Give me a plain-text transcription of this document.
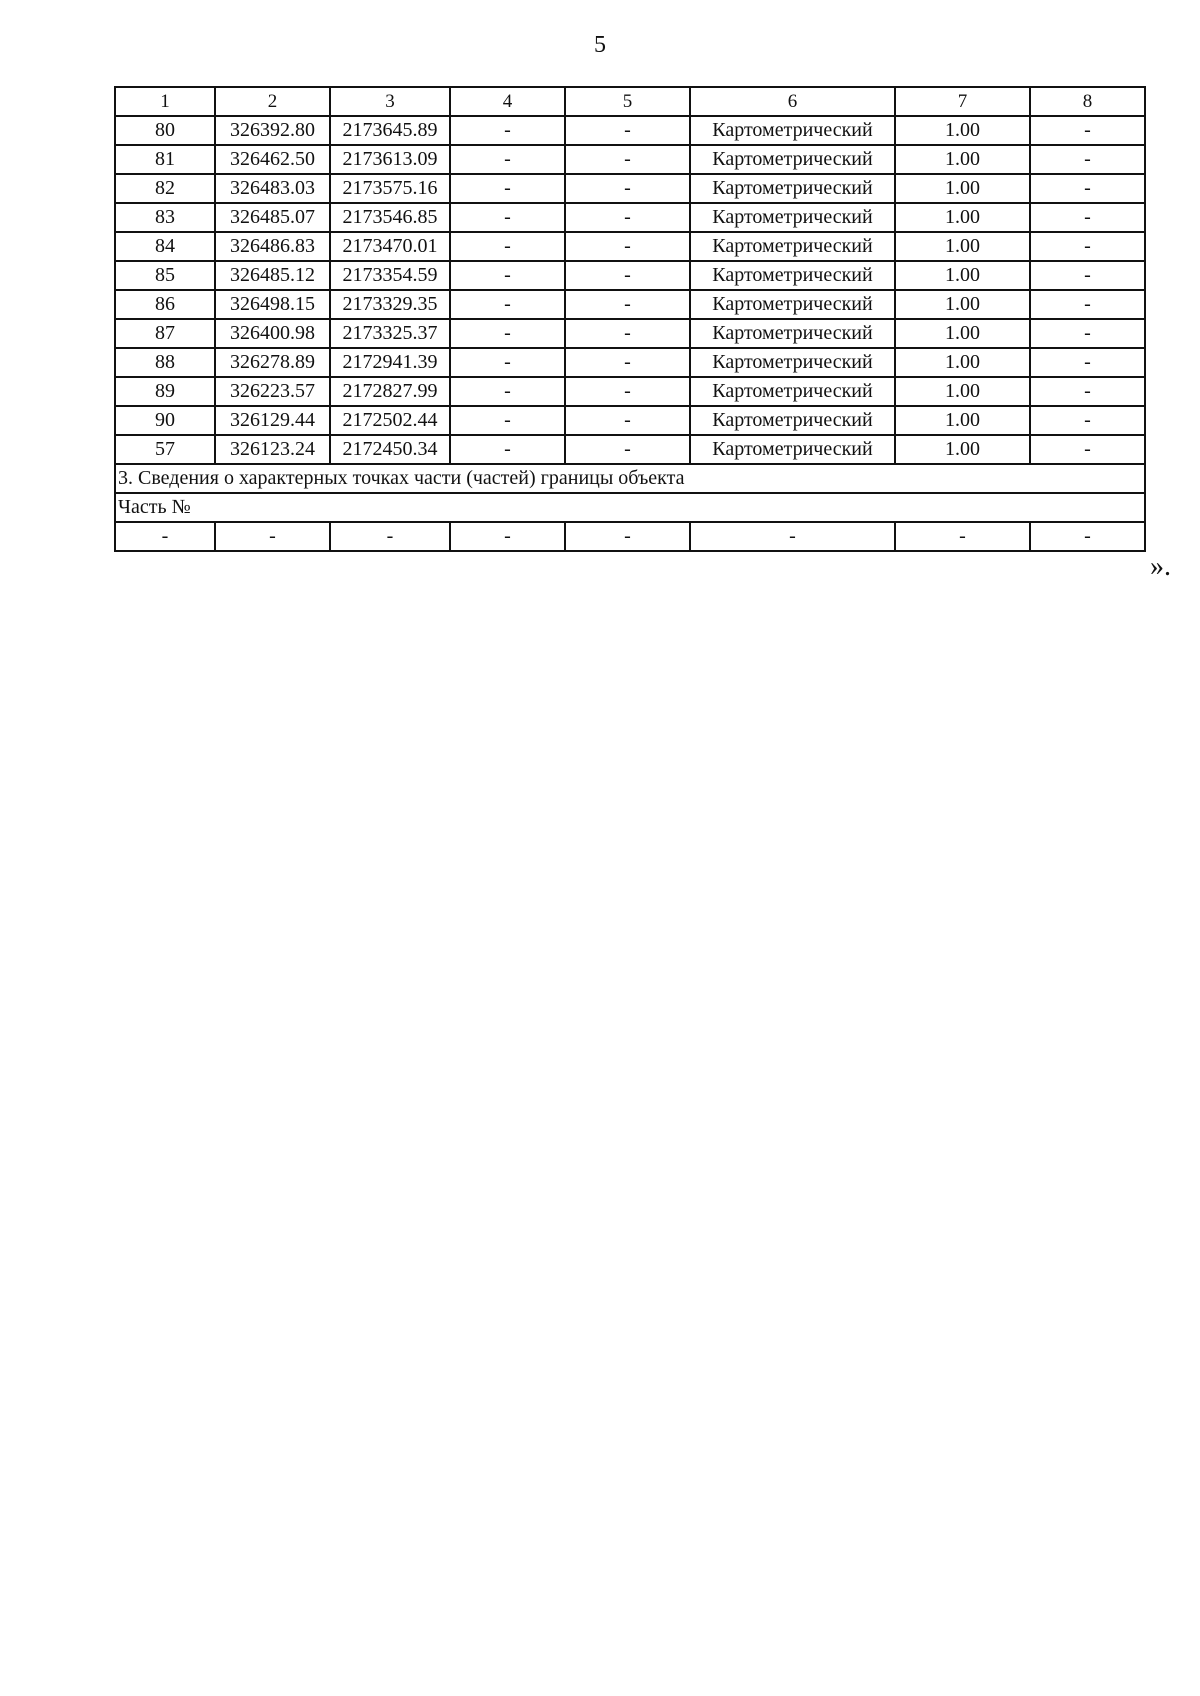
5
1	2	3	4	5	6	7	8
80	326392.80	2173645.89	-	-	Картометрический	1.00	-
81	326462.50	2173613.09	-	-	Картометрический	1.00	-
82	326483.03	2173575.16	-	-	Картометрический	1.00	-
83	326485.07	2173546.85	-	-	Картометрический	1.00	-
84	326486.83	2173470.01	-	-	Картометрический	1.00	-
85	326485.12	2173354.59	-	-	Картометрический	1.00	-
86	326498.15	2173329.35	-	-	Картометрический	1.00	-
87	326400.98	2173325.37	-	-	Картометрический	1.00	-
88	326278.89	2172941.39	-	-	Картометрический	1.00	-
89	326223.57	2172827.99	-	-	Картометрический	1.00	-
90	326129.44	2172502.44	-	-	Картометрический	1.00	-
57	326123.24	2172450.34	-	-	Картометрический	1.00	-
3. Сведения о характерных точках части (частей) границы объекта							
Часть №							
-	-	-	-	-	-	-	-
».
